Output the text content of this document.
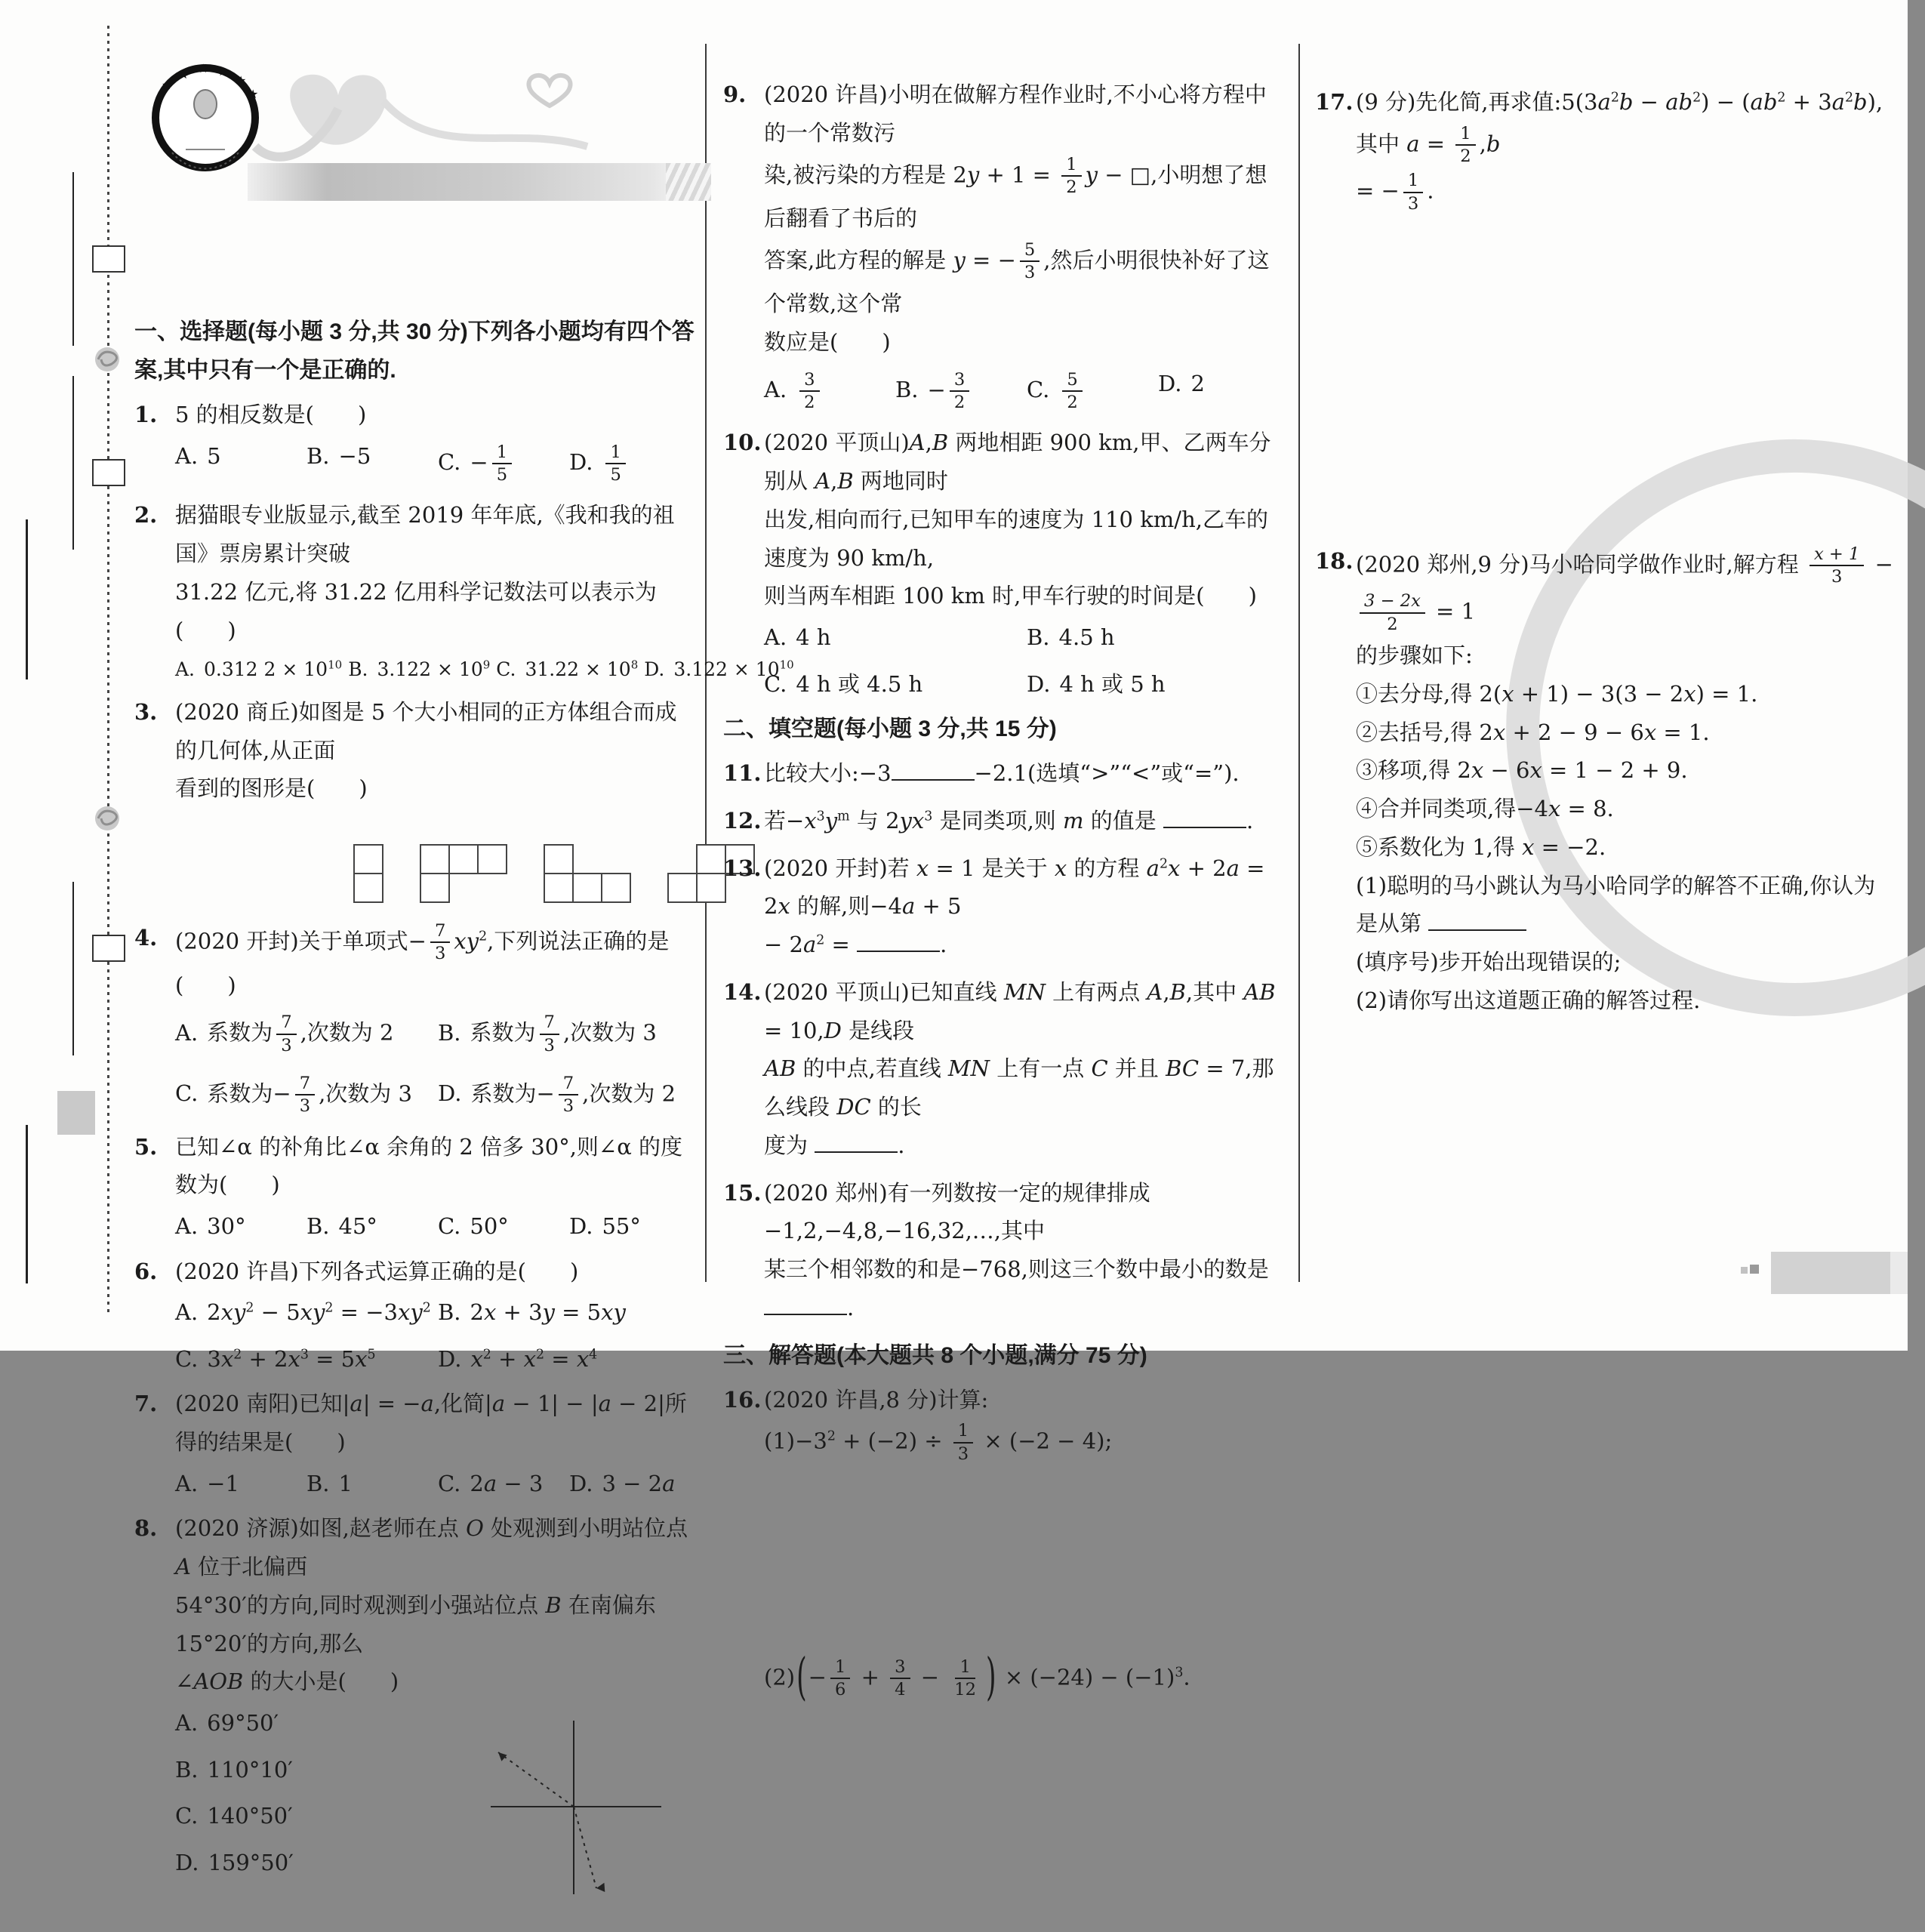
★
★ ★ ★
★
★
一、选择题(每小题 3 分,共 30 分)下列各小题均有四个答案,其中只有一个是正确的.
1. 5 的相反数是(　　)
A. 5	B. −5	C. − $\frac{1}{5}$	D. $\frac{1}{5}$
2. 据猫眼专业版显示,截至 2019 年年底,《我和我的祖国》票房累计突破
31.22 亿元,将 31.22 亿用科学记数法可以表示为(　　)
A. 0.312 $2 \times 10^{10}$ B. $3.122 \times 10^9$ C. $31.22 \times 10^8$ D. $3.122 \times 10^{10}$
3. (2020 商丘)如图是 5 个大小相同的正方体组合而成的几何体,从正面
看到的图形是(　　)
4. (2020 开封)关于单项式− $\frac{7}{3} xy^2$,下列说法正确的是(　　)
A. 系数为 $\frac{7}{3}$ ,次数为 2	B. 系数为 $\frac{7}{3}$ ,次数为 3
C. 系数为− $\frac{7}{3}$ ,次数为 3	D. 系数为− $\frac{7}{3}$ ,次数为 2
5. 已知∠α 的补角比∠α 余角的 2 倍多 30°,则∠α 的度数为(　　)
A. 30°	B. 45°	C. 50°	D. 55°
6. (2020 许昌)下列各式运算正确的是(　　)
A. $2xy^2 - 5xy^2 = -3xy^2$ B. 2x + 3y = 5xy
C. $3x^2 + 2x^3 = 5x^5$	D. $x^2 + x^2 = x^4$
7. (2020 南阳)已知|a| = −a,化简|a − 1| − |a − 2|所得的结果是(　　)
A. −1	B. 1	C. 2a − 3	D. 3 − 2a
8. (2020 济源)如图,赵老师在点 O 处观测到小明站位点 A 位于北偏西
54°30′的方向,同时观测到小强站位点 B 在南偏东 15°20′的方向,那么
∠AOB 的大小是(　　)
A. 69°50′
B. 110°10′
C. 140°50′
D. 159°50′
9. (2020 许昌)小明在做解方程作业时,不小心将方程中的一个常数污
染,被污染的方程是 $2y + 1 = \frac{1}{2}$ y − □,小明想了想后翻看了书后的
答案,此方程的解是 y = − $\frac{5}{3}$ ,然后小明很快补好了这个常数,这个常
数应是(　　)
A. $\frac{3}{2}$	B. − $\frac{3}{2}$	C. $\frac{5}{2}$	D. 2
10. (2020 平顶山)A,B 两地相距 900 km,甲、乙两车分别从 A,B 两地同时
出发,相向而行,已知甲车的速度为 110 km/h,乙车的速度为 90 km/h,
则当两车相距 100 km 时,甲车行驶的时间是(　　)
A. 4 h	B. 4.5 h
C. 4 h 或 4.5 h	D. 4 h 或 5 h
二、填空题(每小题 3 分,共 15 分)
11. 比较大小:−3	−2.1(选填“>”“<”或“=”).
12. 若$-x^3y^m$ 与 $2yx^3$ 是同类项,则 m 的值是	.
13. (2020 开封)若 x = 1 是关于 x 的方程 $a^2x + 2a = 2x$ 的解,则−4a + 5
− $2a^2$ =	.
14. (2020 平顶山)已知直线 MN 上有两点 A,B,其中 AB = 10,D 是线段
AB 的中点,若直线 MN 上有一点 C 并且 BC = 7,那么线段 DC 的长
度为	.
15. (2020 郑州)有一列数按一定的规律排成−1,2,−4,8,−16,32,…,其中
某三个相邻数的和是−768,则这三个数中最小的数是 .
三、解答题(本大题共 8 个小题,满分 75 分)
16. (2020 许昌,8 分)计算:
$(1)-3^2 + (-2) \div \frac{1}{3} \times (-2 - 4)$;
$(2)(- \frac{1}{6} + \frac{3}{4} - \frac{1}{12}$ ) × $(-24) - (-1)^3$.
17. (9 分)先化简,再求值$:5(3a^2b - ab^2) - (ab^2 + 3a^2b)$,其中 $a = \frac{1}{2} ,b$
= − $\frac{1}{3}$ .
18. (2020 郑州,9 分)马小哈同学做作业时,解方程 $\frac{x + 1}{3}$ −
$\frac{3 - 2x}{2} = 1$
的步骤如下:
①去分母,得 2(x + 1) − 3(3 − 2x) = 1.
②去括号,得 2x + 2 − 9 − 6x = 1.
③移项,得 2x − 6x = 1 − 2 + 9.
④合并同类项,得−4x = 8.
⑤系数化为 1,得 x = −2.
(1)聪明的马小跳认为马小哈同学的解答不正确,你认为是从第
(填序号)步开始出现错误的;
(2)请你写出这道题正确的解答过程.
